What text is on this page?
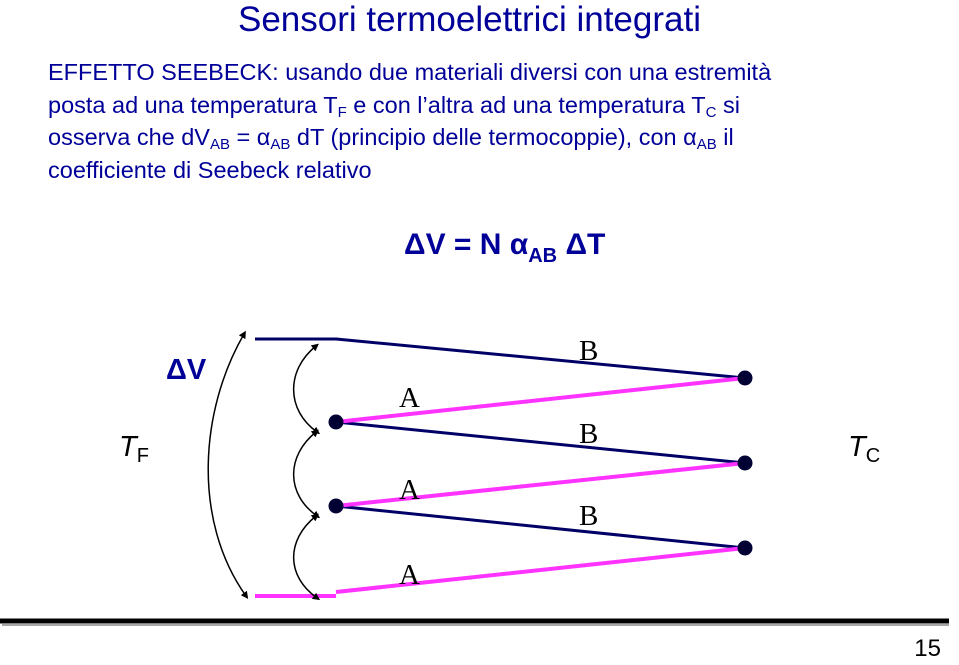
Sensori termoelettrici integrati
EFFETTO SEEBECK: usando due materiali diversi con una estremità
posta ad una temperatura $T_F$ e con l’altra ad una temperatura $T_C$ si
osserva che $dV_{AB} = \alpha_{AB}$ dT (principio delle termocoppie), con $\alpha_{AB}$ il
coefficiente di Seebeck relativo
ΔV = N $\alpha_{AB}$ ΔT
ΔV
$T_F$	$T_C$
A
A
A
B
B
B
15
